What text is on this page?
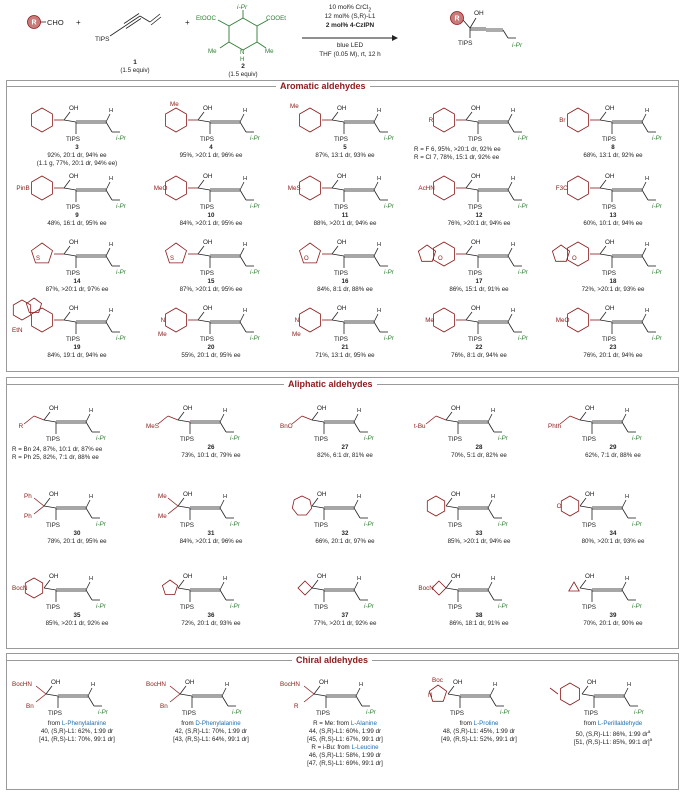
R CHO +
TIPS
1
(1.5 equiv)
+
i-Pr
EtOOC	COOEt
Me	Me
N
H
2
(1.5 equiv)
R
OH
TIPS	i-Pr
10 mol% CrCl$_2$
12 mol% (S,R)-L1
2 mol% 4-CzIPN
blue LED
THF (0.05 M), rt, 12 h
Aromatic aldehydes
Aliphatic aldehydes
Chiral aldehydes
OH
TIPS
H
i-Pr
3
92%, 20:1 dr, 94% ee
(1.1 g, 77%, 20:1 dr, 94% ee)
Me
OH
TIPS
H
i-Pr
4
95%, >20:1 dr, 96% ee
Me	OH
TIPS
H
i-Pr
5
87%, 13:1 dr, 93% ee
R
OH
TIPS
H
i-Pr
R = F 6, 95%, >20:1 dr, 92% ee
R = Cl 7, 78%, 15:1 dr, 92% ee
Br
OH
TIPS
H
i-Pr
8
68%, 13:1 dr, 92% ee
PinB
OH
TIPS
H
i-Pr
9
48%, 16:1 dr, 95% ee
MeO
OH
TIPS
H
i-Pr
10
84%, >20:1 dr, 95% ee
MeS
OH
TIPS
H
i-Pr
11
88%, >20:1 dr, 94% ee
AcHN
OH
TIPS
H
i-Pr
12
76%, >20:1 dr, 94% ee
F3C
OH
TIPS
H
i-Pr
13
60%, 10:1 dr, 94% ee
S
OH
TIPS
H
i-Pr
14
87%, >20:1 dr, 97% ee
S
OH
TIPS
H
i-Pr
15
87%, >20:1 dr, 95% ee
O
OH
TIPS
H
i-Pr
16
84%, 8:1 dr, 88% ee
O
OH
TIPS
H
i-Pr
17
86%, 15:1 dr, 91% ee
O
OH
TIPS
H
i-Pr
18
72%, >20:1 dr, 93% ee
EtN
OH
TIPS
H
i-Pr
19
84%, 19:1 dr, 94% ee
N
Me
OH
TIPS
H
i-Pr
20
55%, 20:1 dr, 95% ee
N
Me
OH
TIPS
H
i-Pr
21
71%, 13:1 dr, 95% ee
Me
OH
TIPS
H
i-Pr
22
76%, 8:1 dr, 94% ee
MeO
OH
TIPS
H
i-Pr
23
76%, 20:1 dr, 94% ee
R
OH
TIPS
H
i-Pr
R = Bn 24, 87%, 10:1 dr, 87% ee
R = Ph 25, 82%, 7:1 dr, 88% ee
MeS
OH
TIPS
H
i-Pr
26
73%, 10:1 dr, 79% ee
BnO
OH
TIPS
H
i-Pr
27
82%, 6:1 dr, 81% ee
t-Bu
OH
TIPS
H
i-Pr
28
70%, 5:1 dr, 82% ee
Phth
OH
TIPS
H
i-Pr
29
62%, 7:1 dr, 88% ee
Ph
Ph
OH
TIPS
H
i-Pr
30
78%, 20:1 dr, 95% ee
Me
Me
OH
TIPS
H
i-Pr
31
84%, >20:1 dr, 96% ee
OH
TIPS
H
i-Pr
32
66%, 20:1 dr, 97% ee
OH
TIPS
H
i-Pr
33
85%, >20:1 dr, 94% ee
O
OH
TIPS
H
i-Pr
34
80%, >20:1 dr, 93% ee
BocN
OH
TIPS
H
i-Pr
35
85%, >20:1 dr, 92% ee
OH
TIPS
H
i-Pr
36
72%, 20:1 dr, 93% ee
OH
TIPS
H
i-Pr
37
77%, >20:1 dr, 92% ee
BocN
OH
TIPS
H
i-Pr
38
86%, 18:1 dr, 91% ee
OH
TIPS
H
i-Pr
39
70%, 20:1 dr, 90% ee
BocHN
Bn
OH
TIPS
H
i-Pr
from L-Phenylalanine
40, (S,R)-L1: 62%, 1:99 dr
[41, (R,S)-L1: 70%, 99:1 dr]
BocHN
Bn
OH
TIPS
H
i-Pr
from D-Phenylalanine
42, (S,R)-L1: 70%, 1:99 dr
[43, (R,S)-L1: 64%, 99:1 dr]
BocHN
R
OH
TIPS
H
i-Pr
R = Me: from L-Alanine
44, (S,R)-L1: 60%, 1:99 dr
[45, (R,S)-L1: 67%, 99:1 dr]
R = i-Bu: from L-Leucine
46, (S,R)-L1: 58%, 1:99 dr
[47, (R,S)-L1: 69%, 99:1 dr]
Boc
N
OH
TIPS
H
i-Pr
from L-Proline
48, (S,R)-L1: 45%, 1:99 dr
[49, (R,S)-L1: 52%, 99:1 dr]
OH
TIPS
H
i-Pr
from L-Perillaldehyde
50, (S,R)-L1: 86%, 1:99 $dr^a$
[51, (R,S)-L1: 85%, 99:1 dr]$^a$
